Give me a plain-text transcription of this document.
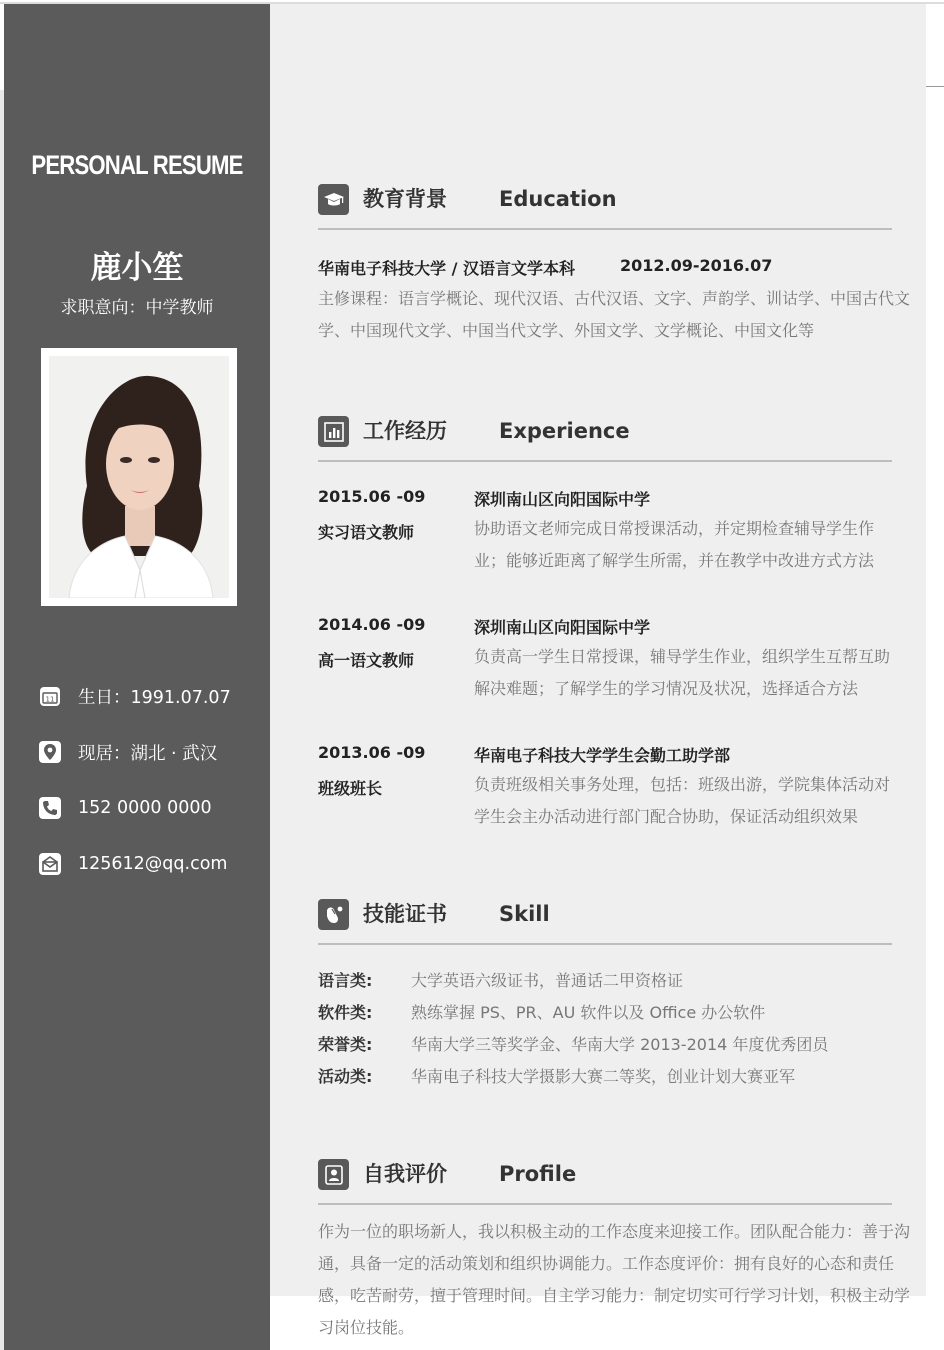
PERSONAL RESUME
鹿小笙
求职意向：中学教师
11 生日：1991.07.07
现居：湖北 · 武汉
152 0000 0000
125612@qq.com
教育背景 Education
华南电子科技大学 / 汉语言文学本科	2012.09-2016.07
主修课程：语言学概论、现代汉语、古代汉语、文字、声韵学、训诂学、中国古代文学、中国现代文学、中国当代文学、外国文学、文学概论、中国文化等
工作经历 Experience
2015.06 -09
实习语文教师
深圳南山区向阳国际中学
协助语文老师完成日常授课活动，并定期检查辅导学生作业；能够近距离了解学生所需，并在教学中改进方式方法
2014.06 -09
高一语文教师
深圳南山区向阳国际中学
负责高一学生日常授课，辅导学生作业，组织学生互帮互助解决难题；了解学生的学习情况及状况，选择适合方法
2013.06 -09
班级班长
华南电子科技大学学生会勤工助学部
负责班级相关事务处理，包括：班级出游，学院集体活动对学生会主办活动进行部门配合协助，保证活动组织效果
技能证书 Skill
语言类: 大学英语六级证书，普通话二甲资格证
软件类: 熟练掌握 PS、PR、AU 软件以及 Office 办公软件
荣誉类: 华南大学三等奖学金、华南大学 2013-2014 年度优秀团员
活动类: 华南电子科技大学摄影大赛二等奖，创业计划大赛亚军
自我评价 Profile
作为一位的职场新人，我以积极主动的工作态度来迎接工作。团队配合能力：善于沟通，具备一定的活动策划和组织协调能力。工作态度评价：拥有良好的心态和责任感，吃苦耐劳，擅于管理时间。自主学习能力：制定切实可行学习计划，积极主动学习岗位技能。
